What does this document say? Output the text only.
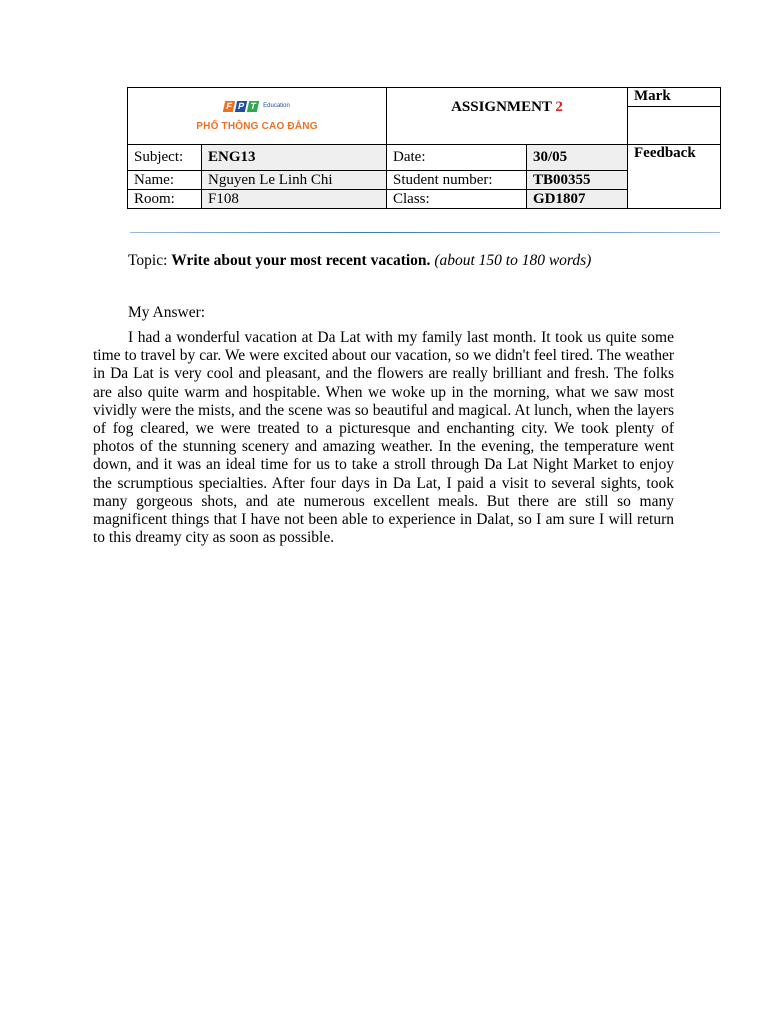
F P T Education
PHỔ THÔNG CAO ĐẲNG		ASSIGNMENT 2		Mark

Subject:	ENG13	Date:	30/05	Feedback
Name:	Nguyen Le Linh Chi	Student number:	TB00355	
Room:	F108	Class:	GD1807	
Topic: Write about your most recent vacation. (about 150 to 180 words)
My Answer:

I had a wonderful vacation at Da Lat with my family last month. It took us quite some time to travel by car. We were excited about our vacation, so we didn't feel tired. The weather in Da Lat is very cool and pleasant, and the flowers are really brilliant and fresh. The folks are also quite warm and hospitable. When we woke up in the morning, what we saw most vividly were the mists, and the scene was so beautiful and magical. At lunch, when the layers of fog cleared, we were treated to a picturesque and enchanting city. We took plenty of photos of the stunning scenery and amazing weather. In the evening, the temperature went down, and it was an ideal time for us to take a stroll through Da Lat Night Market to enjoy the scrumptious specialties. After four days in Da Lat, I paid a visit to several sights, took many gorgeous shots, and ate numerous excellent meals. But there are still so many magnificent things that I have not been able to experience in Dalat, so I am sure I will return to this dreamy city as soon as possible.
